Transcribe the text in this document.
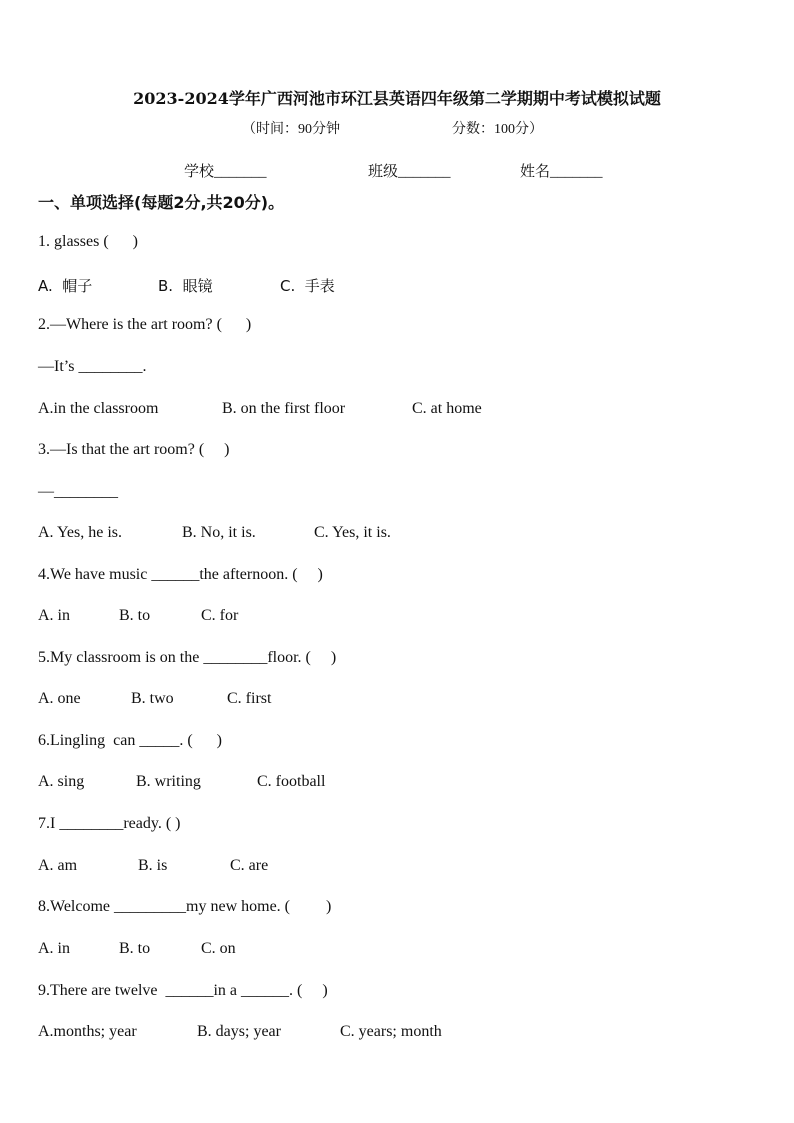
2023-2024学年广西河池市环江县英语四年级第二学期期中考试模拟试题
（时间：90分钟	分数：100分）
学校_______	班级_______	姓名_______
一、单项选择(每题2分,共20分)。
1. glasses (      )
A.  帽子	B.  眼镜	C.  手表
2.—Where is the art room? (      )
—It’s ________.
A.in the classroom	B. on the first floor	C. at home
3.—Is that the art room? (     )
—________
A. Yes, he is.	B. No, it is.	C. Yes, it is.
4.We have music ______the afternoon. (     )
A. in	B. to	C. for
5.My classroom is on the ________floor. (     )
A. one	B. two	C. first
6.Lingling  can _____. (      )
A. sing	B. writing	C. football
7.I ________ready. ( )
A. am	B. is	C. are
8.Welcome _________my new home. (         )
A. in	B. to	C. on
9.There are twelve  ______in a ______. (     )
A.months; year	B. days; year	C. years; month
